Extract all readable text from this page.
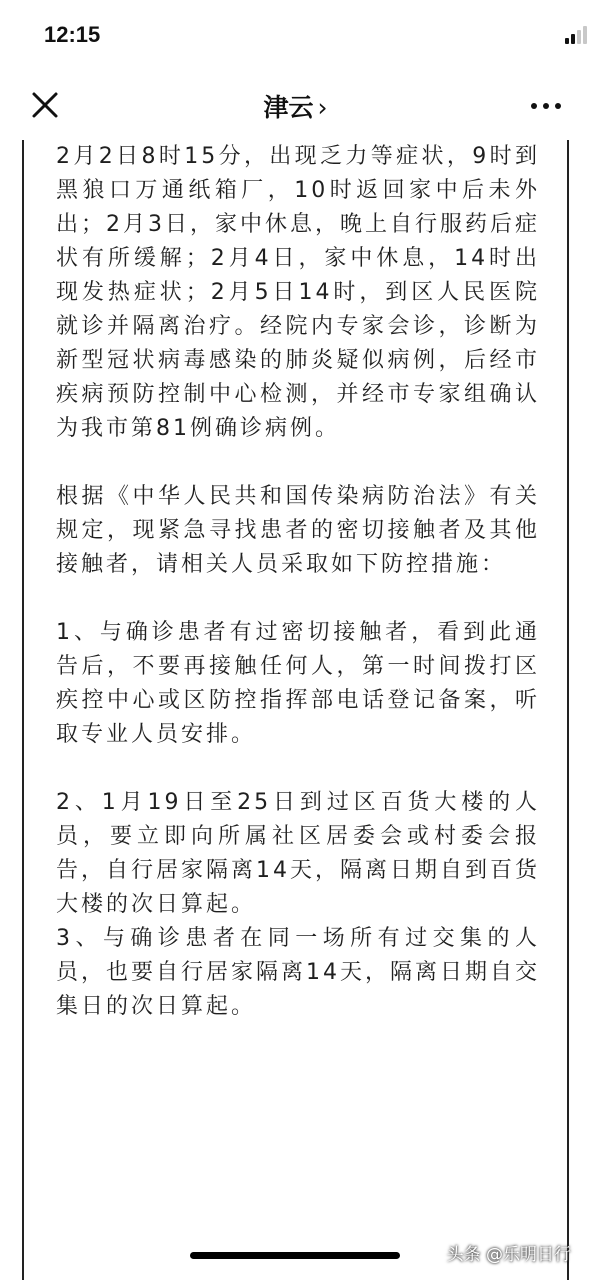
12:15
津云 ›

2月2日8时15分，出现乏力等症状，9时到黑狼口万通纸箱厂，10时返回家中后未外出；2月3日，家中休息，晚上自行服药后症状有所缓解；2月4日，家中休息，14时出现发热症状；2月5日14时，到区人民医院就诊并隔离治疗。经院内专家会诊，诊断为新型冠状病毒感染的肺炎疑似病例，后经市疾病预防控制中心检测，并经市专家组确认为我市第81例确诊病例。

根据《中华人民共和国传染病防治法》有关规定，现紧急寻找患者的密切接触者及其他接触者，请相关人员采取如下防控措施：

1、与确诊患者有过密切接触者，看到此通告后，不要再接触任何人，第一时间拨打区疾控中心或区防控指挥部电话登记备案，听取专业人员安排。

2、1月19日至25日到过区百货大楼的人员，要立即向所属社区居委会或村委会报告，自行居家隔离14天，隔离日期自到百货大楼的次日算起。

3、与确诊患者在同一场所有过交集的人员，也要自行居家隔离14天，隔离日期自交集日的次日算起。

头条 @乐明日行
